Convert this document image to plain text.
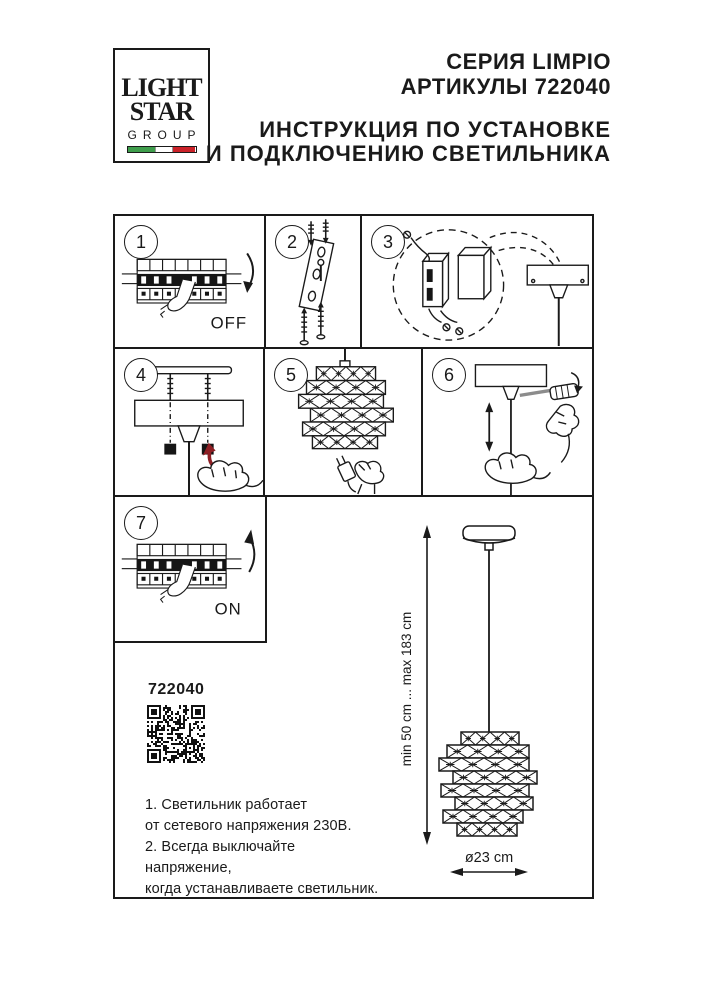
LIGHT
STAR
GROUP
СЕРИЯ LIMPIO
АРТИКУЛЫ 722040
ИНСТРУКЦИЯ ПО УСТАНОВКЕ
И ПОДКЛЮЧЕНИЮ СВЕТИЛЬНИКА
1
OFF
2	3
4	5	6
7
ON
722040
1. Светильник работает
от сетевого напряжения 230В.
2. Всегда выключайте напряжение,
когда устанавливаете светильник.
min 50 cm ... max 183 cm
ø23 cm
